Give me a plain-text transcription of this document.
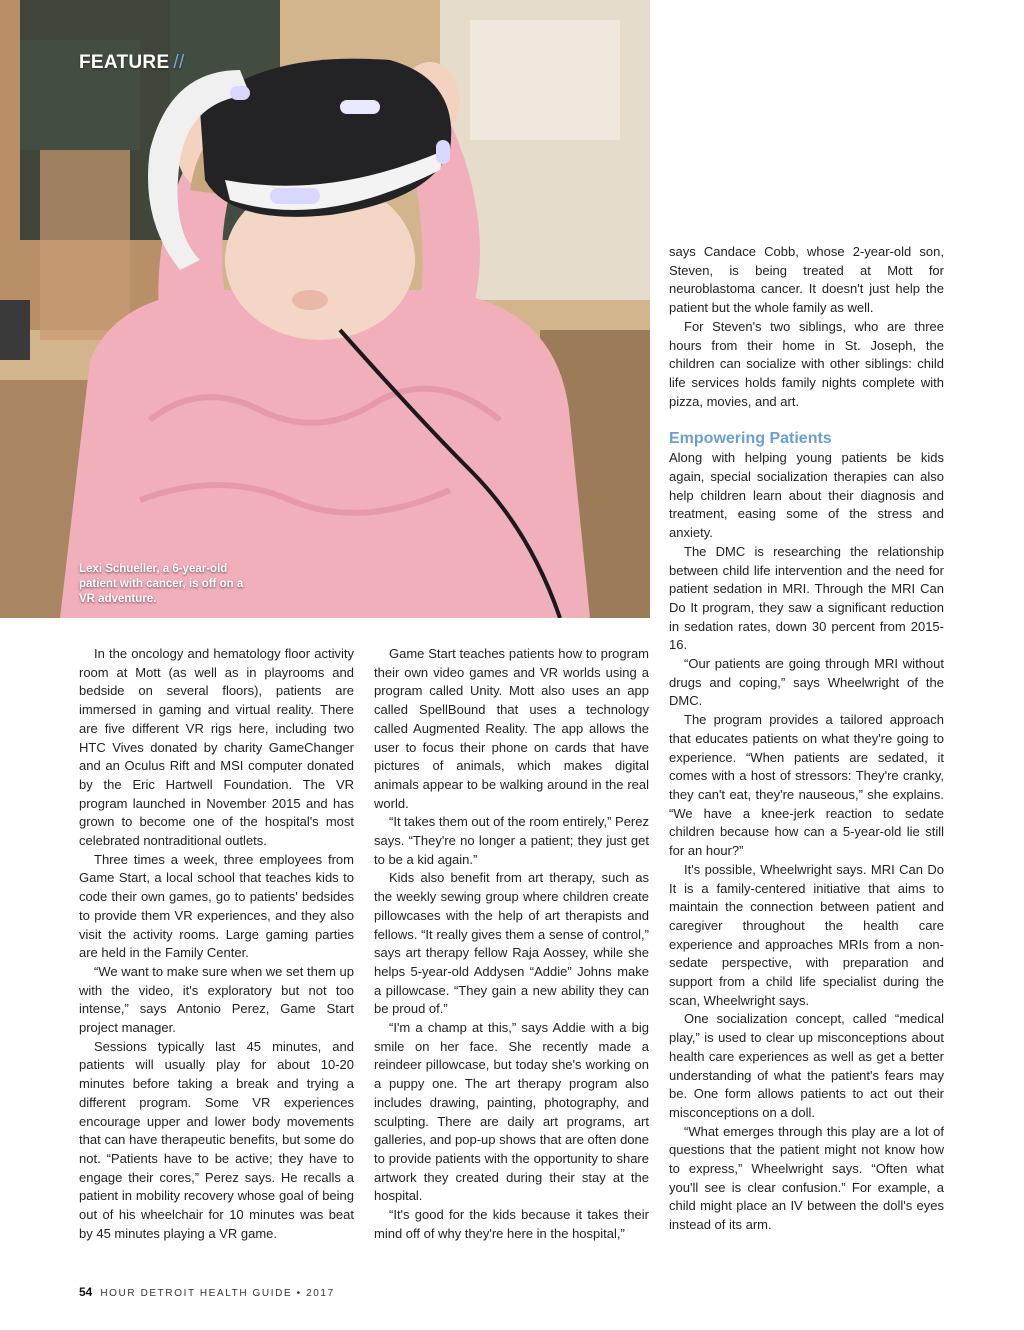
FEATURE //
Lexi Schueller, a 6-year-old patient with cancer, is off on a VR adventure.

In the oncology and hematology floor activity room at Mott (as well as in playrooms and bedside on several floors), patients are immersed in gaming and virtual reality. There are five different VR rigs here, including two HTC Vives donated by charity GameChanger and an Oculus Rift and MSI computer donated by the Eric Hartwell Foundation. The VR program launched in November 2015 and has grown to become one of the hospital's most celebrated nontraditional outlets.

Three times a week, three employees from Game Start, a local school that teaches kids to code their own games, go to patients' bedsides to provide them VR experiences, and they also visit the activity rooms. Large gaming parties are held in the Family Center.

“We want to make sure when we set them up with the video, it's exploratory but not too intense,” says Antonio Perez, Game Start project manager.

Sessions typically last 45 minutes, and patients will usually play for about 10-20 minutes before taking a break and trying a different program. Some VR experiences encourage upper and lower body movements that can have therapeutic benefits, but some do not. “Patients have to be active; they have to engage their cores,” Perez says. He recalls a patient in mobility recovery whose goal of being out of his wheelchair for 10 minutes was beat by 45 minutes playing a VR game.

Game Start teaches patients how to program their own video games and VR worlds using a program called Unity. Mott also uses an app called SpellBound that uses a technology called Augmented Reality. The app allows the user to focus their phone on cards that have pictures of animals, which makes digital animals appear to be walking around in the real world.

“It takes them out of the room entirely,” Perez says. “They're no longer a patient; they just get to be a kid again.”

Kids also benefit from art therapy, such as the weekly sewing group where children create pillowcases with the help of art therapists and fellows. “It really gives them a sense of control,” says art therapy fellow Raja Aossey, while she helps 5-year-old Addysen “Addie” Johns make a pillowcase. “They gain a new ability they can be proud of.”

“I'm a champ at this,” says Addie with a big smile on her face. She recently made a reindeer pillowcase, but today she's working on a puppy one. The art therapy program also includes drawing, painting, photography, and sculpting. There are daily art programs, art galleries, and pop-up shows that are often done to provide patients with the opportunity to share artwork they created during their stay at the hospital.

“It's good for the kids because it takes their mind off of why they're here in the hospital,”

says Candace Cobb, whose 2-year-old son, Steven, is being treated at Mott for neuroblastoma cancer. It doesn't just help the patient but the whole family as well.

For Steven's two siblings, who are three hours from their home in St. Joseph, the children can socialize with other siblings: child life services holds family nights complete with pizza, movies, and art.

Empowering Patients

Along with helping young patients be kids again, special socialization therapies can also help children learn about their diagnosis and treatment, easing some of the stress and anxiety.

The DMC is researching the relationship between child life intervention and the need for patient sedation in MRI. Through the MRI Can Do It program, they saw a significant reduction in sedation rates, down 30 percent from 2015-16.

“Our patients are going through MRI without drugs and coping,” says Wheelwright of the DMC.

The program provides a tailored approach that educates patients on what they're going to experience. “When patients are sedated, it comes with a host of stressors: They're cranky, they can't eat, they're nauseous,” she explains. “We have a knee-jerk reaction to sedate children because how can a 5-year-old lie still for an hour?”

It's possible, Wheelwright says. MRI Can Do It is a family-centered initiative that aims to maintain the connection between patient and caregiver throughout the health care experience and approaches MRIs from a non-sedate perspective, with preparation and support from a child life specialist during the scan, Wheelwright says.

One socialization concept, called “medical play,” is used to clear up misconceptions about health care experiences as well as get a better understanding of what the patient's fears may be. One form allows patients to act out their misconceptions on a doll.

“What emerges through this play are a lot of questions that the patient might not know how to express,” Wheelwright says. “Often what you'll see is clear confusion.” For example, a child might place an IV between the doll's eyes instead of its arm.

54 HOUR DETROIT HEALTH GUIDE • 2017
